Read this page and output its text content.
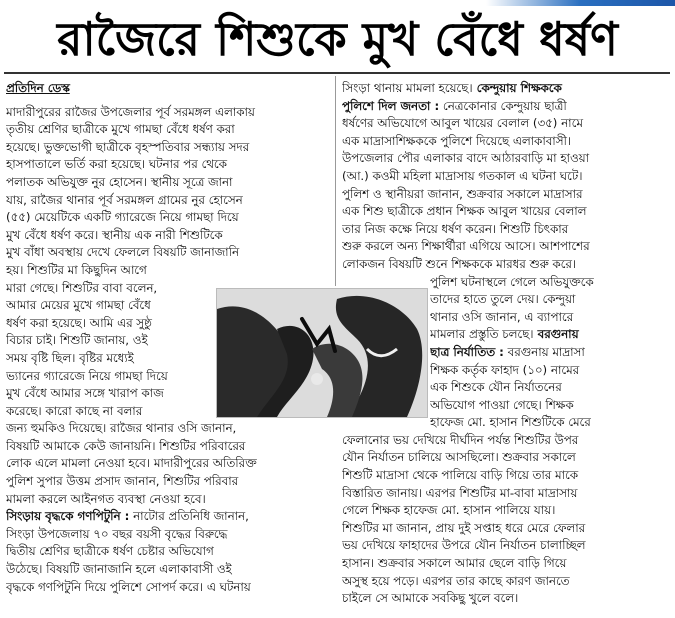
রাজৈরে শিশুকে মুখ বেঁধে ধর্ষণ
প্রতিদিন ডেস্ক
মাদারীপুরের রাজৈর উপজেলার পূর্ব সরমঙ্গল এলাকায়
তৃতীয় শ্রেণির ছাত্রীকে মুখে গামছা বেঁধে ধর্ষণ করা
হয়েছে। ভুক্তভোগী ছাত্রীকে বৃহস্পতিবার সন্ধ্যায় সদর
হাসপাতালে ভর্তি করা হয়েছে। ঘটনার পর থেকে
পলাতক অভিযুক্ত নুর হোসেন। স্থানীয় সূত্রে জানা
যায়, রাজৈর থানার পূর্ব সরমঙ্গল গ্রামের নুর হোসেন
(৫৫) মেয়েটিকে একটি গ্যারেজে নিয়ে গামছা দিয়ে
মুখ বেঁধে ধর্ষণ করে। স্থানীয় এক নারী শিশুটিকে
মুখ বাঁধা অবস্থায় দেখে ফেললে বিষয়টি জানাজানি
হয়। শিশুটির মা কিছুদিন আগে
মারা গেছে। শিশুটির বাবা বলেন,
আমার মেয়ের মুখে গামছা বেঁধে
ধর্ষণ করা হয়েছে। আমি এর সুষ্ঠু
বিচার চাই। শিশুটি জানায়, ওই
সময় বৃষ্টি ছিল। বৃষ্টির মধ্যেই
ভ্যানের গ্যারেজে নিয়ে গামছা দিয়ে
মুখ বেঁধে আমার সঙ্গে খারাপ কাজ
করেছে। কারো কাছে না বলার
জন্য হুমকিও দিয়েছে। রাজৈর থানার ওসি জানান,
বিষয়টি আমাকে কেউ জানায়নি। শিশুটির পরিবারের
লোক এলে মামলা নেওয়া হবে। মাদারীপুরের অতিরিক্ত
পুলিশ সুপার উত্তম প্রসাদ জানান, শিশুটির পরিবার
মামলা করলে আইনগত ব্যবস্থা নেওয়া হবে।
সিংড়ায় বৃদ্ধকে গণপিটুনি : নাটোর প্রতিনিধি জানান,
সিংড়া উপজেলায় ৭০ বছর বয়সী বৃদ্ধের বিরুদ্ধে
দ্বিতীয় শ্রেণির ছাত্রীকে ধর্ষণ চেষ্টার অভিযোগ
উঠেছে। বিষয়টি জানাজানি হলে এলাকাবাসী ওই
বৃদ্ধকে গণপিটুনি দিয়ে পুলিশে সোপর্দ করে। এ ঘটনায়
সিংড়া থানায় মামলা হয়েছে। কেন্দুয়ায় শিক্ষককে
পুলিশে দিল জনতা : নেত্রকোনার কেন্দুয়ায় ছাত্রী
ধর্ষণের অভিযোগে আবুল খায়ের বেলাল (৩৫) নামে
এক মাদ্রাসাশিক্ষককে পুলিশে দিয়েছে এলাকাবাসী।
উপজেলার পৌর এলাকার বাদে আঠারবাড়ি মা হাওয়া
(আ.) কওমী মহিলা মাদ্রাসায় গতকাল এ ঘটনা ঘটে।
পুলিশ ও স্থানীয়রা জানান, শুক্রবার সকালে মাদ্রাসার
এক শিশু ছাত্রীকে প্রধান শিক্ষক আবুল খায়ের বেলাল
তার নিজ কক্ষে নিয়ে ধর্ষণ করেন। শিশুটি চিৎকার
শুরু করলে অন্য শিক্ষার্থীরা এগিয়ে আসে। আশপাশের
লোকজন বিষয়টি শুনে শিক্ষককে মারধর শুরু করে।
পুলিশ ঘটনাস্থলে গেলে অভিযুক্তকে
তাদের হাতে তুলে দেয়। কেন্দুয়া
থানার ওসি জানান, এ ব্যাপারে
মামলার প্রস্তুতি চলছে। বরগুনায়
ছাত্র নির্যাতিত : বরগুনায় মাদ্রাসা
শিক্ষক কর্তৃক ফাহাদ (১০) নামের
এক শিশুকে যৌন নির্যাতনের
অভিযোগ পাওয়া গেছে। শিক্ষক
হাফেজ মো. হাসান শিশুটিকে মেরে
ফেলানোর ভয় দেখিয়ে দীর্ঘদিন পর্যন্ত শিশুটির উপর
যৌন নির্যাতন চালিয়ে আসছিলো। শুক্রবার সকালে
শিশুটি মাদ্রাসা থেকে পালিয়ে বাড়ি গিয়ে তার মাকে
বিস্তারিত জানায়। এরপর শিশুটির মা-বাবা মাদ্রাসায়
গেলে শিক্ষক হাফেজ মো. হাসান পালিয়ে যায়।
শিশুটির মা জানান, প্রায় দুই সপ্তাহ ধরে মেরে ফেলার
ভয় দেখিয়ে ফাহাদের উপরে যৌন নির্যাতন চালাচ্ছিল
হাসান। শুক্রবার সকালে আমার ছেলে বাড়ি গিয়ে
অসুস্থ হয়ে পড়ে। এরপর তার কাছে কারণ জানতে
চাইলে সে আমাকে সবকিছু খুলে বলে।
